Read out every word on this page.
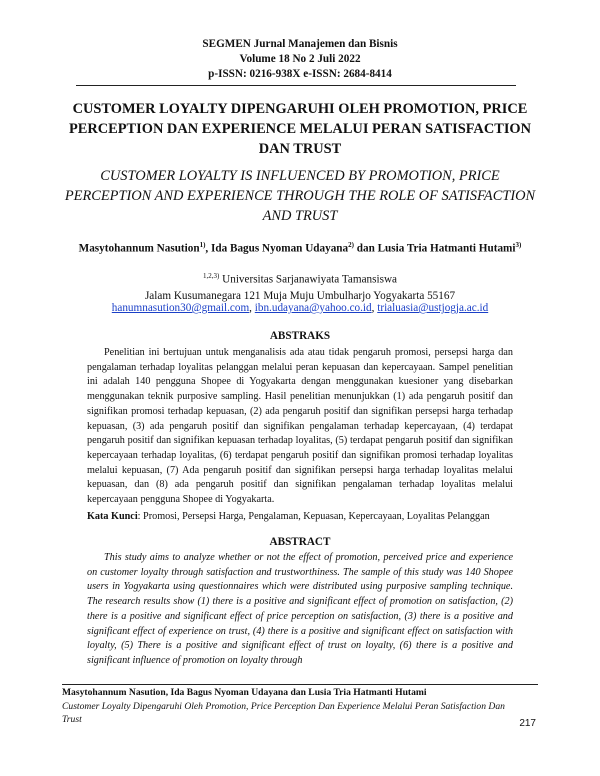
SEGMEN Jurnal Manajemen dan Bisnis
Volume 18 No 2 Juli 2022
p-ISSN: 0216-938X e-ISSN: 2684-8414
CUSTOMER LOYALTY DIPENGARUHI OLEH PROMOTION, PRICE PERCEPTION DAN EXPERIENCE MELALUI PERAN SATISFACTION DAN TRUST
CUSTOMER LOYALTY IS INFLUENCED BY PROMOTION, PRICE PERCEPTION AND EXPERIENCE THROUGH THE ROLE OF SATISFACTION AND TRUST
Masytohannum Nasution$^{1)}$, Ida Bagus Nyoman Udayana$^{2)}$ dan Lusia Tria Hatmanti Hutami$^{3)}$
$^{1,2,3)}$ Universitas Sarjanawiyata Tamansiswa
Jalam Kusumanegara 121 Muja Muju Umbulharjo Yogyakarta 55167
hanumnasution30@gmail.com, ibn.udayana@yahoo.co.id, trialuasia@ustjogja.ac.id
ABSTRAKS
Penelitian ini bertujuan untuk menganalisis ada atau tidak pengaruh promosi, persepsi harga dan pengalaman terhadap loyalitas pelanggan melalui peran kepuasan dan kepercayaan. Sampel penelitian ini adalah 140 pengguna Shopee di Yogyakarta dengan menggunakan kuesioner yang disebarkan menggunakan teknik purposive sampling. Hasil penelitian menunjukkan (1) ada pengaruh positif dan signifikan promosi terhadap kepuasan, (2) ada pengaruh positif dan signifikan persepsi harga terhadap kepuasan, (3) ada pengaruh positif dan signifikan pengalaman terhadap kepercayaan, (4) terdapat pengaruh positif dan signifikan kepuasan terhadap loyalitas, (5) terdapat pengaruh positif dan signifikan kepercayaan terhadap loyalitas, (6) terdapat pengaruh positif dan signifikan promosi terhadap loyalitas melalui kepuasan, (7) Ada pengaruh positif dan signifikan persepsi harga terhadap loyalitas melalui kepuasan, dan (8) ada pengaruh positif dan signifikan pengalaman terhadap loyalitas melalui kepercayaan pengguna Shopee di Yogyakarta.
Kata Kunci: Promosi, Persepsi Harga, Pengalaman, Kepuasan, Kepercayaan, Loyalitas Pelanggan
ABSTRACT
This study aims to analyze whether or not the effect of promotion, perceived price and experience on customer loyalty through satisfaction and trustworthiness. The sample of this study was 140 Shopee users in Yogyakarta using questionnaires which were distributed using purposive sampling technique. The research results show (1) there is a positive and significant effect of promotion on satisfaction, (2) there is a positive and significant effect of price perception on satisfaction, (3) there is a positive and significant effect of experience on trust, (4) there is a positive and significant effect on satisfaction with loyalty, (5) There is a positive and significant effect of trust on loyalty, (6) there is a positive and significant influence of promotion on loyalty through
Masytohannum Nasution, Ida Bagus Nyoman Udayana dan Lusia Tria Hatmanti Hutami
Customer Loyalty Dipengaruhi Oleh Promotion, Price Perception Dan Experience Melalui Peran Satisfaction Dan Trust	217
